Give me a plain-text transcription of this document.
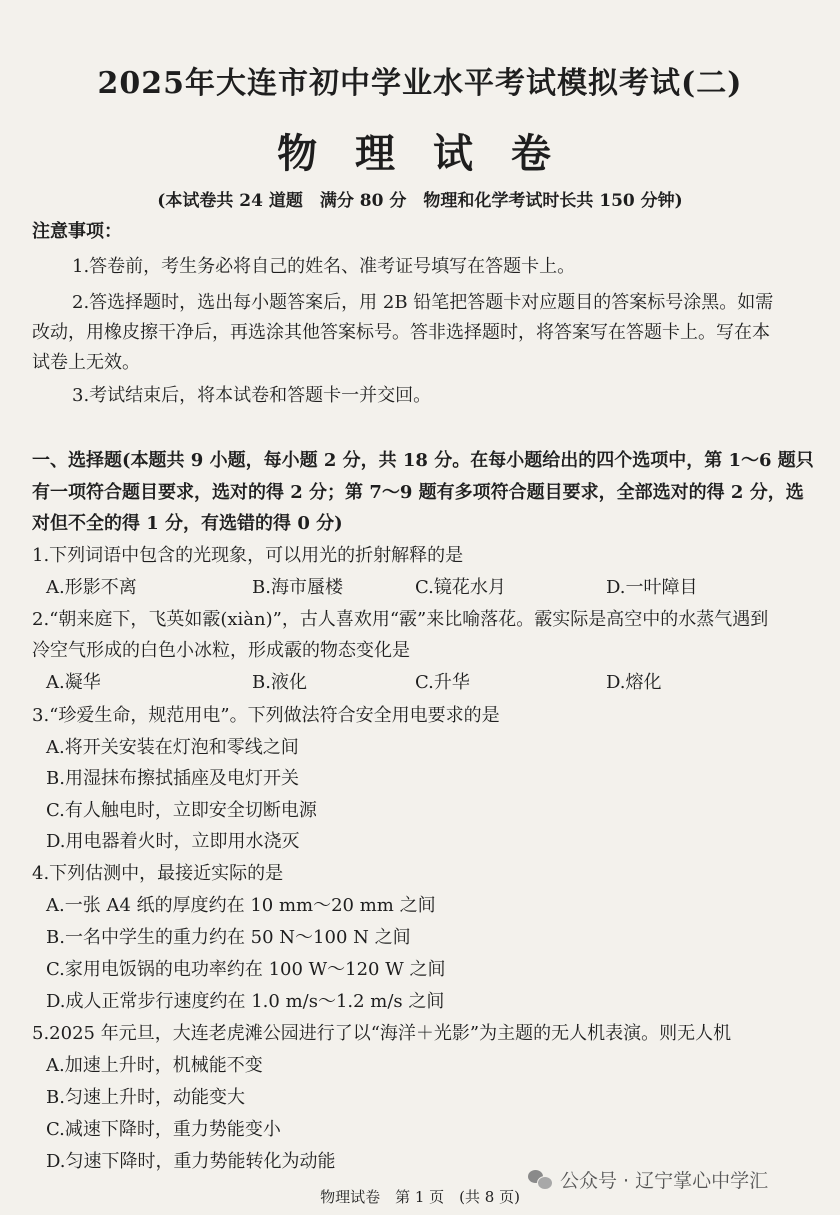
2025年大连市初中学业水平考试模拟考试(二)
物 理 试 卷
(本试卷共 24 道题　满分 80 分　物理和化学考试时长共 150 分钟)
注意事项：
1.答卷前，考生务必将自己的姓名、准考证号填写在答题卡上。
2.答选择题时，选出每小题答案后，用 2B 铅笔把答题卡对应题目的答案标号涂黑。如需
改动，用橡皮擦干净后，再选涂其他答案标号。答非选择题时，将答案写在答题卡上。写在本
试卷上无效。
3.考试结束后，将本试卷和答题卡一并交回。
一、选择题(本题共 9 小题，每小题 2 分，共 18 分。在每小题给出的四个选项中，第 1～6 题只
有一项符合题目要求，选对的得 2 分；第 7～9 题有多项符合题目要求，全部选对的得 2 分，选
对但不全的得 1 分，有选错的得 0 分)
1.下列词语中包含的光现象，可以用光的折射解释的是
A.形影不离	B.海市蜃楼	C.镜花水月	D.一叶障目
2.“朝来庭下，飞英如霰(xiàn)”，古人喜欢用“霰”来比喻落花。霰实际是高空中的水蒸气遇到
冷空气形成的白色小冰粒，形成霰的物态变化是
A.凝华	B.液化	C.升华	D.熔化
3.“珍爱生命，规范用电”。下列做法符合安全用电要求的是
A.将开关安装在灯泡和零线之间
B.用湿抹布擦拭插座及电灯开关
C.有人触电时，立即安全切断电源
D.用电器着火时，立即用水浇灭
4.下列估测中，最接近实际的是
A.一张 A4 纸的厚度约在 10 mm～20 mm 之间
B.一名中学生的重力约在 50 N～100 N 之间
C.家用电饭锅的电功率约在 100 W～120 W 之间
D.成人正常步行速度约在 1.0 m/s～1.2 m/s 之间
5.2025 年元旦，大连老虎滩公园进行了以“海洋＋光影”为主题的无人机表演。则无人机
A.加速上升时，机械能不变
B.匀速上升时，动能变大
C.减速下降时，重力势能变小
D.匀速下降时，重力势能转化为动能
物理试卷　第 1 页　(共 8 页)
公众号 · 辽宁掌心中学汇
